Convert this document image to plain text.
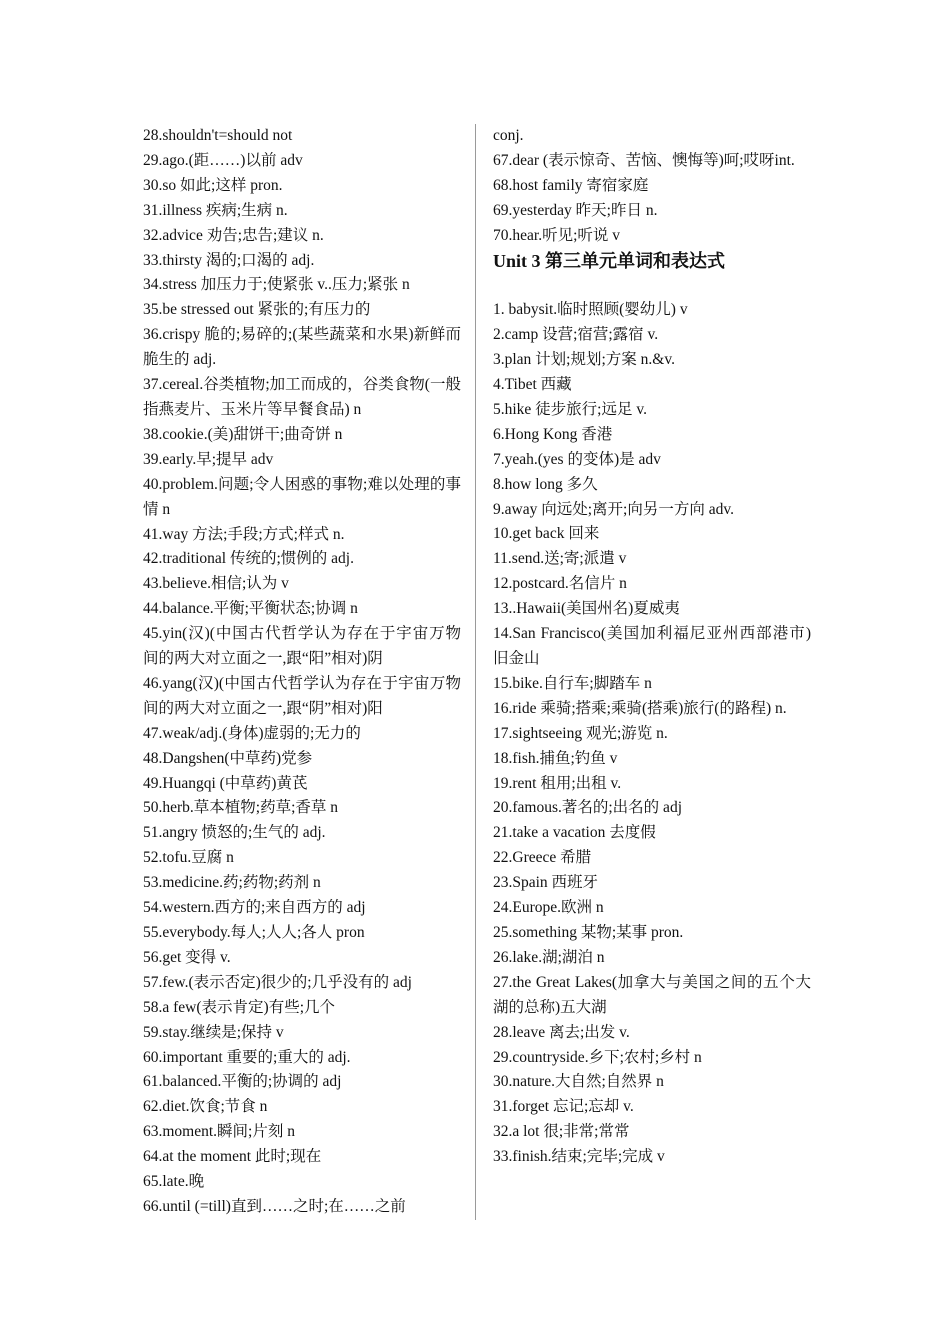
28.shouldn't=should not
29.ago.(距……)以前 adv
30.so 如此;这样 pron.
31.illness 疾病;生病 n.
32.advice 劝告;忠告;建议 n.
33.thirsty 渴的;口渴的 adj.
34.stress 加压力于;使紧张 v..压力;紧张 n
35.be stressed out 紧张的;有压力的
36.crispy 脆的;易碎的;(某些蔬菜和水果)新鲜而脆生的 adj.
37.cereal.谷类植物;加工而成的，谷类食物(一般指燕麦片、玉米片等早餐食品) n
38.cookie.(美)甜饼干;曲奇饼 n
39.early.早;提早 adv
40.problem.问题;令人困惑的事物;难以处理的事情 n
41.way 方法;手段;方式;样式 n.
42.traditional 传统的;惯例的 adj.
43.believe.相信;认为 v
44.balance.平衡;平衡状态;协调 n
45.yin(汉)(中国古代哲学认为存在于宇宙万物间的两大对立面之一,跟“阳”相对)阴
46.yang(汉)(中国古代哲学认为存在于宇宙万物间的两大对立面之一,跟“阴”相对)阳
47.weak/adj.(身体)虚弱的;无力的
48.Dangshen(中草药)党参
49.Huangqi (中草药)黄芪
50.herb.草本植物;药草;香草 n
51.angry 愤怒的;生气的 adj.
52.tofu.豆腐 n
53.medicine.药;药物;药剂 n
54.western.西方的;来自西方的 adj
55.everybody.每人;人人;各人 pron
56.get 变得 v.
57.few.(表示否定)很少的;几乎没有的 adj
58.a few(表示肯定)有些;几个
59.stay.继续是;保持 v
60.important 重要的;重大的 adj.
61.balanced.平衡的;协调的 adj
62.diet.饮食;节食 n
63.moment.瞬间;片刻 n
64.at the moment 此时;现在
65.late.晚
66.until (=till)直到……之时;在……之前
conj.
67.dear (表示惊奇、苦恼、懊悔等)呵;哎呀int.
68.host family 寄宿家庭
69.yesterday 昨天;昨日 n.
70.hear.听见;听说 v
Unit 3 第三单元单词和表达式
1. babysit.临时照顾(婴幼儿) v
2.camp 设营;宿营;露宿 v.
3.plan 计划;规划;方案 n.&v.
4.Tibet 西藏
5.hike 徒步旅行;远足 v.
6.Hong Kong 香港
7.yeah.(yes 的变体)是 adv
8.how long 多久
9.away 向远处;离开;向另一方向 adv.
10.get back 回来
11.send.送;寄;派遣 v
12.postcard.名信片 n
13..Hawaii(美国州名)夏威夷
14.San Francisco(美国加利福尼亚州西部港市)旧金山
15.bike.自行车;脚踏车 n
16.ride 乘骑;搭乘;乘骑(搭乘)旅行(的路程) n.
17.sightseeing 观光;游览 n.
18.fish.捕鱼;钓鱼 v
19.rent 租用;出租 v.
20.famous.著名的;出名的 adj
21.take a vacation 去度假
22.Greece 希腊
23.Spain 西班牙
24.Europe.欧洲 n
25.something 某物;某事 pron.
26.lake.湖;湖泊 n
27.the Great Lakes(加拿大与美国之间的五个大湖的总称)五大湖
28.leave 离去;出发 v.
29.countryside.乡下;农村;乡村 n
30.nature.大自然;自然界 n
31.forget 忘记;忘却 v.
32.a lot 很;非常;常常
33.finish.结束;完毕;完成 v
